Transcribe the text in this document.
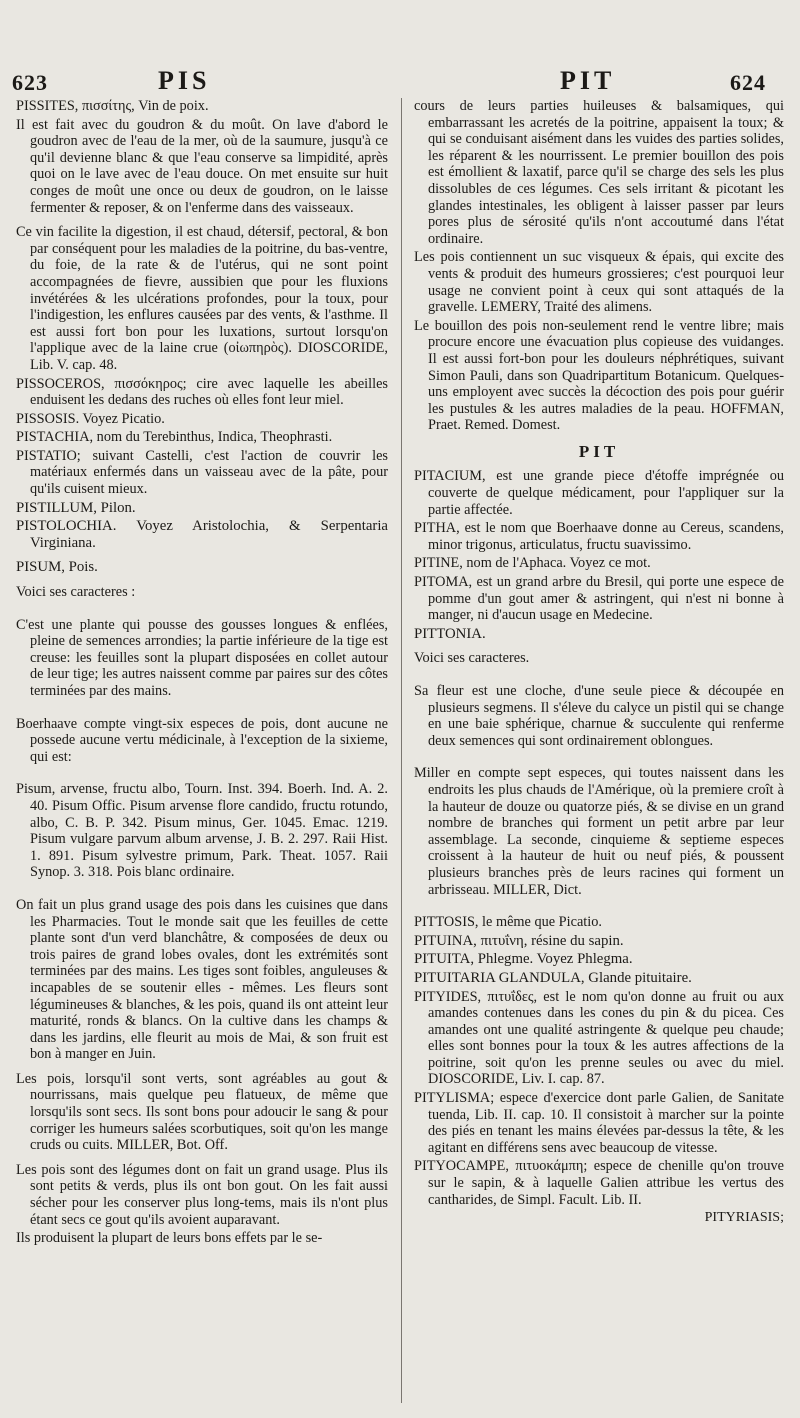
623	PIS	PIT	624

PISSITES, πισσίτης, Vin de poix.

Il est fait avec du goudron & du moût. On lave d'abord le goudron avec de l'eau de la mer, où de la saumure, jusqu'à ce qu'il devienne blanc & que l'eau conserve sa limpidité, après quoi on le lave avec de l'eau douce. On met ensuite sur huit conges de moût une once ou deux de goudron, on le laisse fermenter & reposer, & on l'enferme dans des vaisseaux.

Ce vin facilite la digestion, il est chaud, détersif, pectoral, & bon par conséquent pour les maladies de la poitrine, du bas-ventre, du foie, de la rate & de l'utérus, qui ne sont point accompagnées de fievre, aussibien que pour les fluxions invétérées & les ulcérations profondes, pour la toux, pour l'indigestion, les enflures causées par des vents, & l'asthme. Il est aussi fort bon pour les luxations, surtout lorsqu'on l'applique avec de la laine crue (οἰωπηρὸς). DIOSCORIDE, Lib. V. cap. 48.

PISSOCEROS, πισσόκηρος; cire avec laquelle les abeilles enduisent les dedans des ruches où elles font leur miel.

PISSOSIS. Voyez Picatio.

PISTACHIA, nom du Terebinthus, Indica, Theophrasti.

PISTATIO; suivant Castelli, c'est l'action de couvrir les matériaux enfermés dans un vaisseau avec de la pâte, pour qu'ils cuisent mieux.

PISTILLUM, Pilon.

PISTOLOCHIA. Voyez Aristolochia, & Serpentaria Virginiana.

PISUM, Pois.

Voici ses caracteres :

C'est une plante qui pousse des gousses longues & enflées, pleine de semences arrondies; la partie inférieure de la tige est creuse: les feuilles sont la plupart disposées en collet autour de leur tige; les autres naissent comme par paires sur des côtes terminées par des mains.

Boerhaave compte vingt-six especes de pois, dont aucune ne possede aucune vertu médicinale, à l'exception de la sixieme, qui est:

Pisum, arvense, fructu albo, Tourn. Inst. 394. Boerh. Ind. A. 2. 40. Pisum Offic. Pisum arvense flore candido, fructu rotundo, albo, C. B. P. 342. Pisum minus, Ger. 1045. Emac. 1219. Pisum vulgare parvum album arvense, J. B. 2. 297. Raii Hist. 1. 891. Pisum sylvestre primum, Park. Theat. 1057. Raii Synop. 3. 318. Pois blanc ordinaire.

On fait un plus grand usage des pois dans les cuisines que dans les Pharmacies. Tout le monde sait que les feuilles de cette plante sont d'un verd blanchâtre, & composées de deux ou trois paires de grand lobes ovales, dont les extrémités sont terminées par des mains. Les tiges sont foibles, anguleuses & incapables de se soutenir elles - mêmes. Les fleurs sont légumineuses & blanches, & les pois, quand ils ont atteint leur maturité, ronds & blancs. On la cultive dans les champs & dans les jardins, elle fleurit au mois de Mai, & son fruit est bon à manger en Juin.

Les pois, lorsqu'il sont verts, sont agréables au gout & nourrissans, mais quelque peu flatueux, de même que lorsqu'ils sont secs. Ils sont bons pour adoucir le sang & pour corriger les humeurs salées scorbutiques, soit qu'on les mange cruds ou cuits. MILLER, Bot. Off.

Les pois sont des légumes dont on fait un grand usage. Plus ils sont petits & verds, plus ils ont bon gout. On les fait aussi sécher pour les conserver plus long-tems, mais ils n'ont plus étant secs ce gout qu'ils avoient auparavant.

Ils produisent la plupart de leurs bons effets par le se-

cours de leurs parties huileuses & balsamiques, qui embarrassant les acretés de la poitrine, appaisent la toux; & qui se conduisant aisément dans les vuides des parties solides, les réparent & les nourrissent. Le premier bouillon des pois est émollient & laxatif, parce qu'il se charge des sels les plus dissolubles de ces légumes. Ces sels irritant & picotant les glandes intestinales, les obligent à laisser passer par leurs pores plus de sérosité qu'ils n'ont accoutumé dans l'état ordinaire.

Les pois contiennent un suc visqueux & épais, qui excite des vents & produit des humeurs grossieres; c'est pourquoi leur usage ne convient point à ceux qui sont attaqués de la gravelle. LEMERY, Traité des alimens.

Le bouillon des pois non-seulement rend le ventre libre; mais procure encore une évacuation plus copieuse des vuidanges. Il est aussi fort-bon pour les douleurs néphrétiques, suivant Simon Pauli, dans son Quadripartitum Botanicum. Quelques-uns employent avec succès la décoction des pois pour guérir les pustules & les autres maladies de la peau. HOFFMAN, Praet. Remed. Domest.

PIT

PITACIUM, est une grande piece d'étoffe imprégnée ou couverte de quelque médicament, pour l'appliquer sur la partie affectée.

PITHA, est le nom que Boerhaave donne au Cereus, scandens, minor trigonus, articulatus, fructu suavissimo.

PITINE, nom de l'Aphaca. Voyez ce mot.

PITOMA, est un grand arbre du Bresil, qui porte une espece de pomme d'un gout amer & astringent, qui n'est ni bonne à manger, ni d'aucun usage en Medecine.

PITTONIA.

Voici ses caracteres.

Sa fleur est une cloche, d'une seule piece & découpée en plusieurs segmens. Il s'éleve du calyce un pistil qui se change en une baie sphérique, charnue & succulente qui renferme deux semences qui sont ordinairement oblongues.

Miller en compte sept especes, qui toutes naissent dans les endroits les plus chauds de l'Amérique, où la premiere croît à la hauteur de douze ou quatorze piés, & se divise en un grand nombre de branches qui forment un petit arbre par leur assemblage. La seconde, cinquieme & septieme especes croissent à la hauteur de huit ou neuf piés, & poussent plusieurs branches près de leurs racines qui forment un arbrisseau. MILLER, Dict.

PITTOSIS, le même que Picatio.

PITUINA, πιτυΐνη, résine du sapin.

PITUITA, Phlegme. Voyez Phlegma.

PITUITARIA GLANDULA, Glande pituitaire.

PITYIDES, πιτυΐδες, est le nom qu'on donne au fruit ou aux amandes contenues dans les cones du pin & du picea. Ces amandes ont une qualité astringente & quelque peu chaude; elles sont bonnes pour la toux & les autres affections de la poitrine, soit qu'on les prenne seules ou avec du miel. DIOSCORIDE, Liv. I. cap. 87.

PITYLISMA; espece d'exercice dont parle Galien, de Sanitate tuenda, Lib. II. cap. 10. Il consistoit à marcher sur la pointe des piés en tenant les mains élevées par-dessus la tête, & les agitant en différens sens avec beaucoup de vitesse.

PITYOCAMPE, πιτυοκάμπη; espece de chenille qu'on trouve sur le sapin, & à laquelle Galien attribue les vertus des cantharides, de Simpl. Facult. Lib. II.

PITYRIASIS;
